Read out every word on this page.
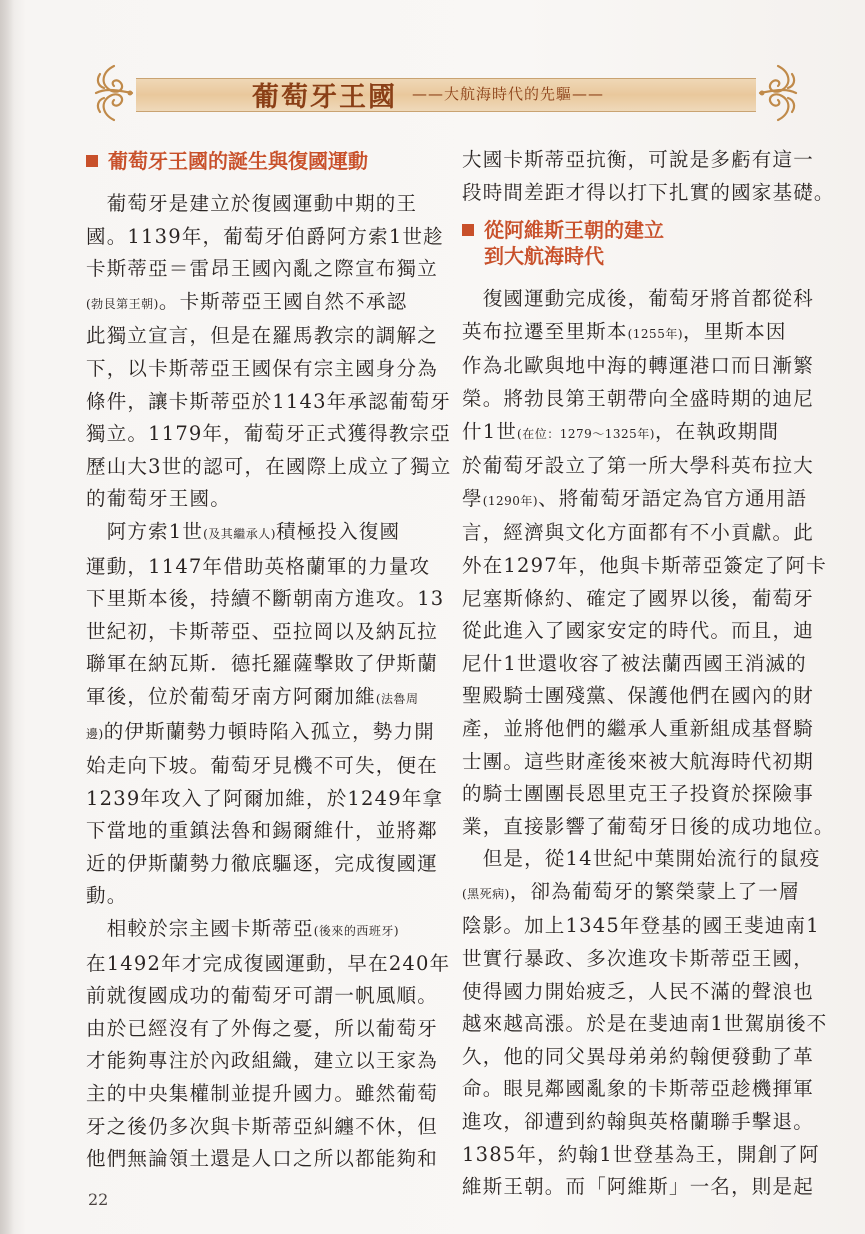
葡萄牙王國 ——大航海時代的先驅——
葡萄牙王國的誕生與復國運動
　葡萄牙是建立於復國運動中期的王
國。1139年，葡萄牙伯爵阿方索1世趁
卡斯蒂亞＝雷昂王國內亂之際宣布獨立
(勃艮第王朝)。卡斯蒂亞王國自然不承認
此獨立宣言，但是在羅馬教宗的調解之
下，以卡斯蒂亞王國保有宗主國身分為
條件，讓卡斯蒂亞於1143年承認葡萄牙
獨立。1179年，葡萄牙正式獲得教宗亞
歷山大3世的認可，在國際上成立了獨立
的葡萄牙王國。
　阿方索1世(及其繼承人)積極投入復國
運動，1147年借助英格蘭軍的力量攻
下里斯本後，持續不斷朝南方進攻。13
世紀初，卡斯蒂亞、亞拉岡以及納瓦拉
聯軍在納瓦斯．德托羅薩擊敗了伊斯蘭
軍後，位於葡萄牙南方阿爾加維(法魯周
邊)的伊斯蘭勢力頓時陷入孤立，勢力開
始走向下坡。葡萄牙見機不可失，便在
1239年攻入了阿爾加維，於1249年拿
下當地的重鎮法魯和錫爾維什，並將鄰
近的伊斯蘭勢力徹底驅逐，完成復國運
動。
　相較於宗主國卡斯蒂亞(後來的西班牙)
在1492年才完成復國運動，早在240年
前就復國成功的葡萄牙可謂一帆風順。
由於已經沒有了外侮之憂，所以葡萄牙
才能夠專注於內政組織，建立以王家為
主的中央集權制並提升國力。雖然葡萄
牙之後仍多次與卡斯蒂亞糾纏不休，但
他們無論領土還是人口之所以都能夠和
大國卡斯蒂亞抗衡，可說是多虧有這一
段時間差距才得以打下扎實的國家基礎。
從阿維斯王朝的建立
到大航海時代
　復國運動完成後，葡萄牙將首都從科
英布拉遷至里斯本(1255年)，里斯本因
作為北歐與地中海的轉運港口而日漸繁
榮。將勃艮第王朝帶向全盛時期的迪尼
什1世(在位：1279〜1325年)，在執政期間
於葡萄牙設立了第一所大學科英布拉大
學(1290年)、將葡萄牙語定為官方通用語
言，經濟與文化方面都有不小貢獻。此
外在1297年，他與卡斯蒂亞簽定了阿卡
尼塞斯條約、確定了國界以後，葡萄牙
從此進入了國家安定的時代。而且，迪
尼什1世還收容了被法蘭西國王消滅的
聖殿騎士團殘黨、保護他們在國內的財
產，並將他們的繼承人重新組成基督騎
士團。這些財產後來被大航海時代初期
的騎士團團長恩里克王子投資於探險事
業，直接影響了葡萄牙日後的成功地位。
　但是，從14世紀中葉開始流行的鼠疫
(黑死病)，卻為葡萄牙的繁榮蒙上了一層
陰影。加上1345年登基的國王斐迪南1
世實行暴政、多次進攻卡斯蒂亞王國，
使得國力開始疲乏，人民不滿的聲浪也
越來越高漲。於是在斐迪南1世駕崩後不
久，他的同父異母弟弟約翰便發動了革
命。眼見鄰國亂象的卡斯蒂亞趁機揮軍
進攻，卻遭到約翰與英格蘭聯手擊退。
1385年，約翰1世登基為王，開創了阿
維斯王朝。而「阿維斯」一名，則是起
22
